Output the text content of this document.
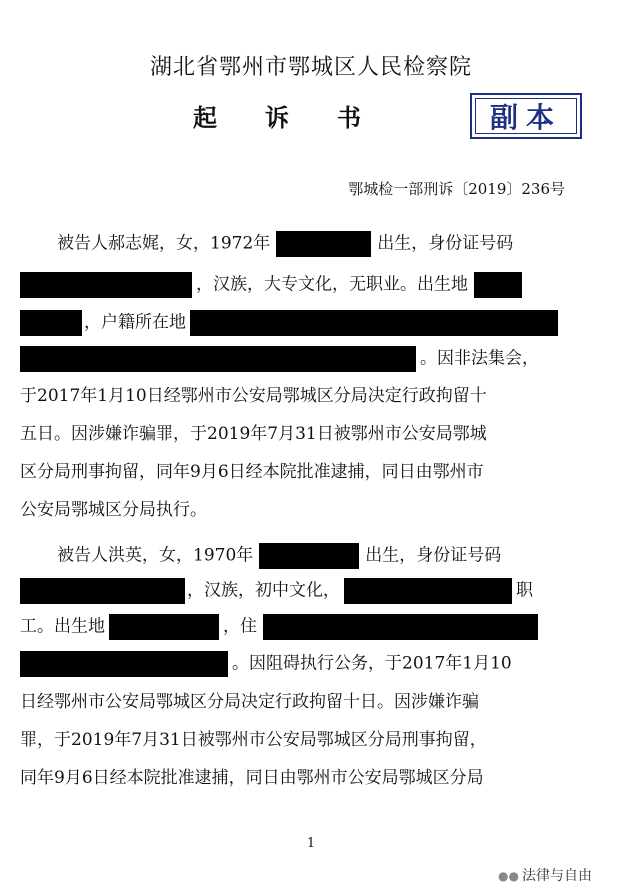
湖北省鄂州市鄂城区人民检察院
起诉书	副本
鄂城检一部刑诉〔2019〕236号
被告人郝志娓，女，1972年	出生，身份证号码
，汉族，大专文化，无职业。出生地
，户籍所在地
。因非法集会，
于2017年1月10日经鄂州市公安局鄂城区分局决定行政拘留十
五日。因涉嫌诈骗罪，于2019年7月31日被鄂州市公安局鄂城
区分局刑事拘留，同年9月6日经本院批准逮捕，同日由鄂州市
公安局鄂城区分局执行。
被告人洪英，女，1970年	出生，身份证号码
，汉族，初中文化，	职
工。出生地	，住
。因阻碍执行公务，于2017年1月10
日经鄂州市公安局鄂城区分局决定行政拘留十日。因涉嫌诈骗
罪，于2019年7月31日被鄂州市公安局鄂城区分局刑事拘留，
同年9月6日经本院批准逮捕，同日由鄂州市公安局鄂城区分局
1
●● 法律与自由
